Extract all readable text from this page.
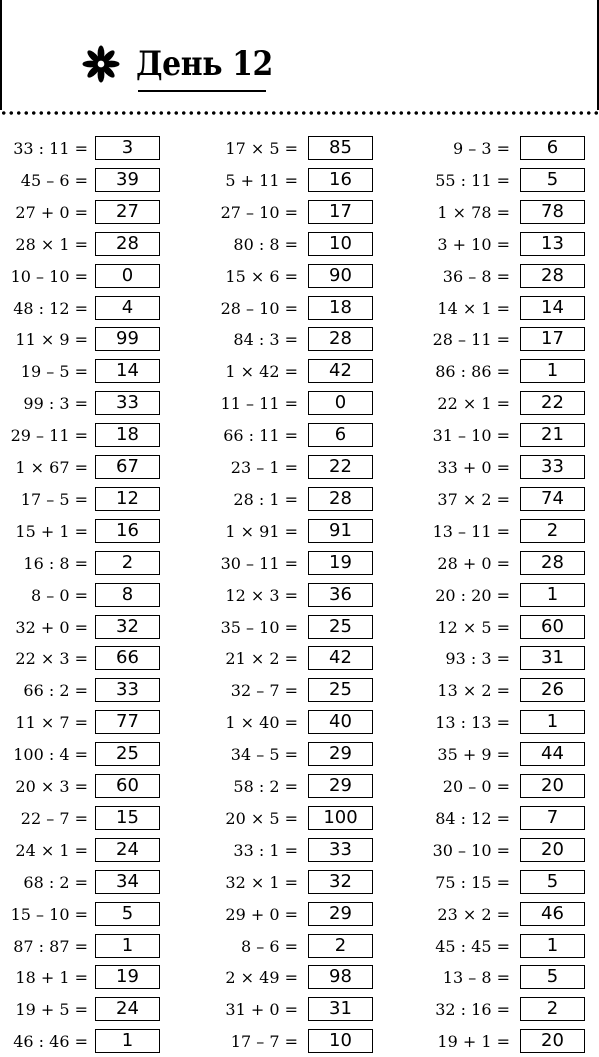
День 12
33 : 11 =	3
45 – 6 =	39
27 + 0 =	27
28 × 1 =	28
10 – 10 =	0
48 : 12 =	4
11 × 9 =	99
19 – 5 =	14
99 : 3 =	33
29 – 11 =	18
1 × 67 =	67
17 – 5 =	12
15 + 1 =	16
16 : 8 =	2
8 – 0 =	8
32 + 0 =	32
22 × 3 =	66
66 : 2 =	33
11 × 7 =	77
100 : 4 =	25
20 × 3 =	60
22 – 7 =	15
24 × 1 =	24
68 : 2 =	34
15 – 10 =	5
87 : 87 =	1
18 + 1 =	19
19 + 5 =	24
46 : 46 =	1
17 × 5 =	85
5 + 11 =	16
27 – 10 =	17
80 : 8 =	10
15 × 6 =	90
28 – 10 =	18
84 : 3 =	28
1 × 42 =	42
11 – 11 =	0
66 : 11 =	6
23 – 1 =	22
28 : 1 =	28
1 × 91 =	91
30 – 11 =	19
12 × 3 =	36
35 – 10 =	25
21 × 2 =	42
32 – 7 =	25
1 × 40 =	40
34 – 5 =	29
58 : 2 =	29
20 × 5 =	100
33 : 1 =	33
32 × 1 =	32
29 + 0 =	29
8 – 6 =	2
2 × 49 =	98
31 + 0 =	31
17 – 7 =	10
9 – 3 =	6
55 : 11 =	5
1 × 78 =	78
3 + 10 =	13
36 – 8 =	28
14 × 1 =	14
28 – 11 =	17
86 : 86 =	1
22 × 1 =	22
31 – 10 =	21
33 + 0 =	33
37 × 2 =	74
13 – 11 =	2
28 + 0 =	28
20 : 20 =	1
12 × 5 =	60
93 : 3 =	31
13 × 2 =	26
13 : 13 =	1
35 + 9 =	44
20 – 0 =	20
84 : 12 =	7
30 – 10 =	20
75 : 15 =	5
23 × 2 =	46
45 : 45 =	1
13 – 8 =	5
32 : 16 =	2
19 + 1 =	20
